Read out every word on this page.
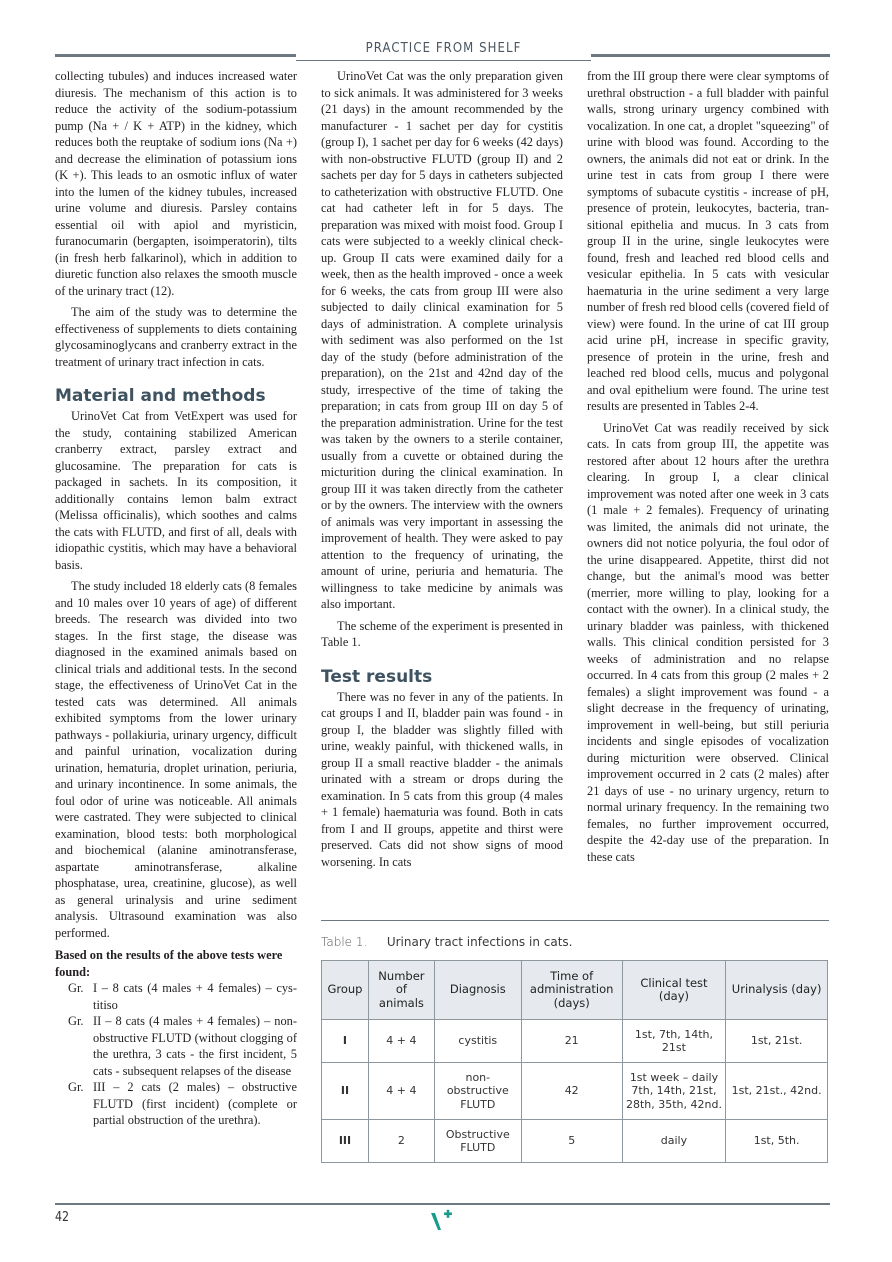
PRACTICE FROM SHELF

collecting tubules) and induces increased water diuresis. The mechanism of this action is to reduce the activity of the sodium-potassium pump (Na + / K + ATP) in the kidney, which reduces both the reuptake of sodium ions (Na +) and decrease the elimination of potassium ions (K +). This leads to an osmotic influx of water into the lumen of the kidney tubules, increased urine volume and diuresis. Parsley contains essential oil with apiol and myristicin, furanocumarin (bergapten, isoimperatorin), tilts (in fresh herb falkarinol), which in addition to diuretic function also relaxes the smooth muscle of the urinary tract (12).

The aim of the study was to determine the effectiveness of supplements to diets containing glycosaminoglycans and cranberry extract in the treatment of urinary tract infection in cats.

Material and methods

UrinoVet Cat from VetExpert was used for the study, containing stabilized American cranberry extract, parsley extract and glucosamine. The preparation for cats is packaged in sachets. In its composition, it additionally contains lemon balm extract (Melissa officinalis), which soothes and calms the cats with FLUTD, and first of all, deals with idiopathic cystitis, which may have a behavioral basis.

The study included 18 elderly cats (8 females and 10 males over 10 years of age) of different breeds. The research was divided into two stages. In the first stage, the disease was diagnosed in the examined animals based on clinical trials and additional tests. In the second stage, the effectiveness of UrinoVet Cat in the tested cats was determined. All animals exhibited symptoms from the lower urinary pathways - pollakiuria, urinary urgency, difficult and painful urination, vocalization during urination, hematuria, droplet urination, periuria, and urinary incontinence. In some animals, the foul odor of urine was noticeable. All animals were castrated. They were subjected to clinical examination, blood tests: both morphological and biochemical (alanine aminotransferase, aspartate aminotransferase, alkaline phosphatase, urea, creatinine, glucose), as well as general urinalysis and urine sediment analysis. Ultrasound examination was also performed.

Based on the results of the above tests were found:

Gr. I – 8 cats (4 males + 4 females) – cystitiso
Gr. II – 8 cats (4 males + 4 females) – non-obstructive FLUTD (without clogging of the urethra, 3 cats - the first incident, 5 cats - subsequent relapses of the disease
Gr. III – 2 cats (2 males) – obstructive FLUTD (first incident) (complete or partial obstruction of the urethra).

UrinoVet Cat was the only preparation given to sick animals. It was administered for 3 weeks (21 days) in the amount recommended by the manufacturer - 1 sachet per day for cystitis (group I), 1 sachet per day for 6 weeks (42 days) with non-obstructive FLUTD (group II) and 2 sachets per day for 5 days in catheters subjected to catheterization with obstructive FLUTD. One cat had catheter left in for 5 days. The preparation was mixed with moist food. Group I cats were subjected to a weekly clinical check-up. Group II cats were examined daily for a week, then as the health improved - once a week for 6 weeks, the cats from group III were also subjected to daily clinical examination for 5 days of administration. A complete urinalysis with sediment was also performed on the 1st day of the study (before administration of the preparation), on the 21st and 42nd day of the study, irrespective of the time of taking the preparation; in cats from group III on day 5 of the preparation administration. Urine for the test was taken by the owners to a sterile container, usually from a cuvette or obtained during the micturition during the clinical examination. In group III it was taken directly from the catheter or by the owners. The interview with the owners of animals was very important in assessing the improvement of health. They were asked to pay attention to the frequency of urinating, the amount of urine, periuria and hematuria. The willingness to take medicine by animals was also important.

The scheme of the experiment is presented in Table 1.

Test results

There was no fever in any of the patients. In cat groups I and II, bladder pain was found - in group I, the bladder was slightly filled with urine, weakly painful, with thickened walls, in group II a small reactive bladder - the animals urinated with a stream or drops during the examination. In 5 cats from this group (4 males + 1 female) haematuria was found. Both in cats from I and II groups, appetite and thirst were preserved. Cats did not show signs of mood worsening. In cats

from the III group there were clear symptoms of urethral obstruction - a full bladder with painful walls, strong urinary urgency combined with vocalization. In one cat, a droplet "squeezing" of urine with blood was found. According to the owners, the animals did not eat or drink. In the urine test in cats from group I there were symptoms of subacute cystitis - increase of pH, presence of protein, leukocytes, bacteria, transitional epithelia and mucus. In 3 cats from group II in the urine, single leukocytes were found, fresh and leached red blood cells and vesicular epithelia. In 5 cats with vesicular haematuria in the urine sediment a very large number of fresh red blood cells (covered field of view) were found. In the urine of cat III group acid urine pH, increase in specific gravity, presence of protein in the urine, fresh and leached red blood cells, mucus and polygonal and oval epithelium were found. The urine test results are presented in Tables 2-4.

UrinoVet Cat was readily received by sick cats. In cats from group III, the appetite was restored after about 12 hours after the urethra clearing. In group I, a clear clinical improvement was noted after one week in 3 cats (1 male + 2 females). Frequency of urinating was limited, the animals did not urinate, the owners did not notice polyuria, the foul odor of the urine disappeared. Appetite, thirst did not change, but the animal's mood was better (merrier, more willing to play, looking for a contact with the owner). In a clinical study, the urinary bladder was painless, with thickened walls. This clinical condition persisted for 3 weeks of administration and no relapse occurred. In 4 cats from this group (2 males + 2 females) a slight improvement was found - a slight decrease in the frequency of urinating, improvement in well-being, but still periuria incidents and single episodes of vocalization during micturition were observed. Clinical improvement occurred in 2 cats (2 males) after 21 days of use - no urinary urgency, return to normal urinary frequency. In the remaining two females, no further improvement occurred, despite the 42-day use of the preparation. In these cats

Table 1. Urinary tract infections in cats.
Group	Number of animals	Diagnosis	Time of administration (days)	Clinical test (day)	Urinalysis (day)
I	4 + 4	cystitis	21	1st, 7th, 14th, 21st	1st, 21st.
II	4 + 4	non-obstructive FLUTD	42	1st week – daily 7th, 14th, 21st, 28th, 35th, 42nd.	1st, 21st., 42nd.
III	2	Obstructive FLUTD	5	daily	1st, 5th.
42
